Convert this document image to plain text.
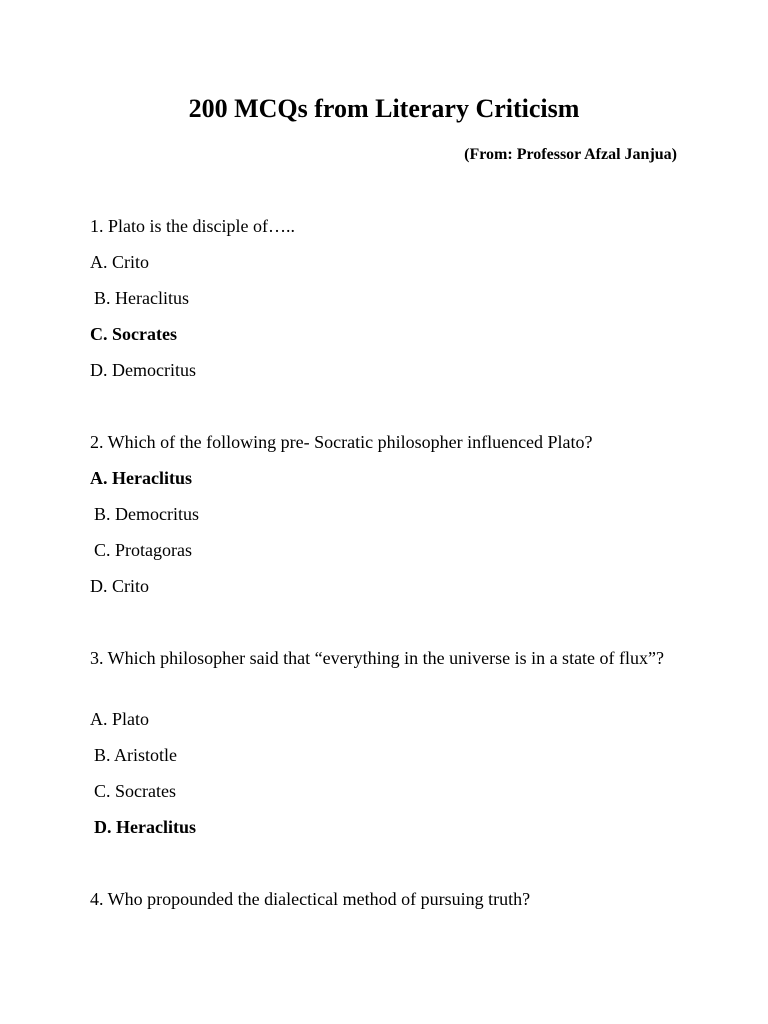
200 MCQs from Literary Criticism

(From: Professor Afzal Janjua)

1. Plato is the disciple of…..

A. Crito

B. Heraclitus

C. Socrates

D. Democritus

2. Which of the following pre- Socratic philosopher influenced Plato?

A. Heraclitus

B. Democritus

C. Protagoras

D. Crito

3. Which philosopher said that “everything in the universe is in a state of flux”?

A. Plato

B. Aristotle

C. Socrates

D. Heraclitus

4. Who propounded the dialectical method of pursuing truth?
